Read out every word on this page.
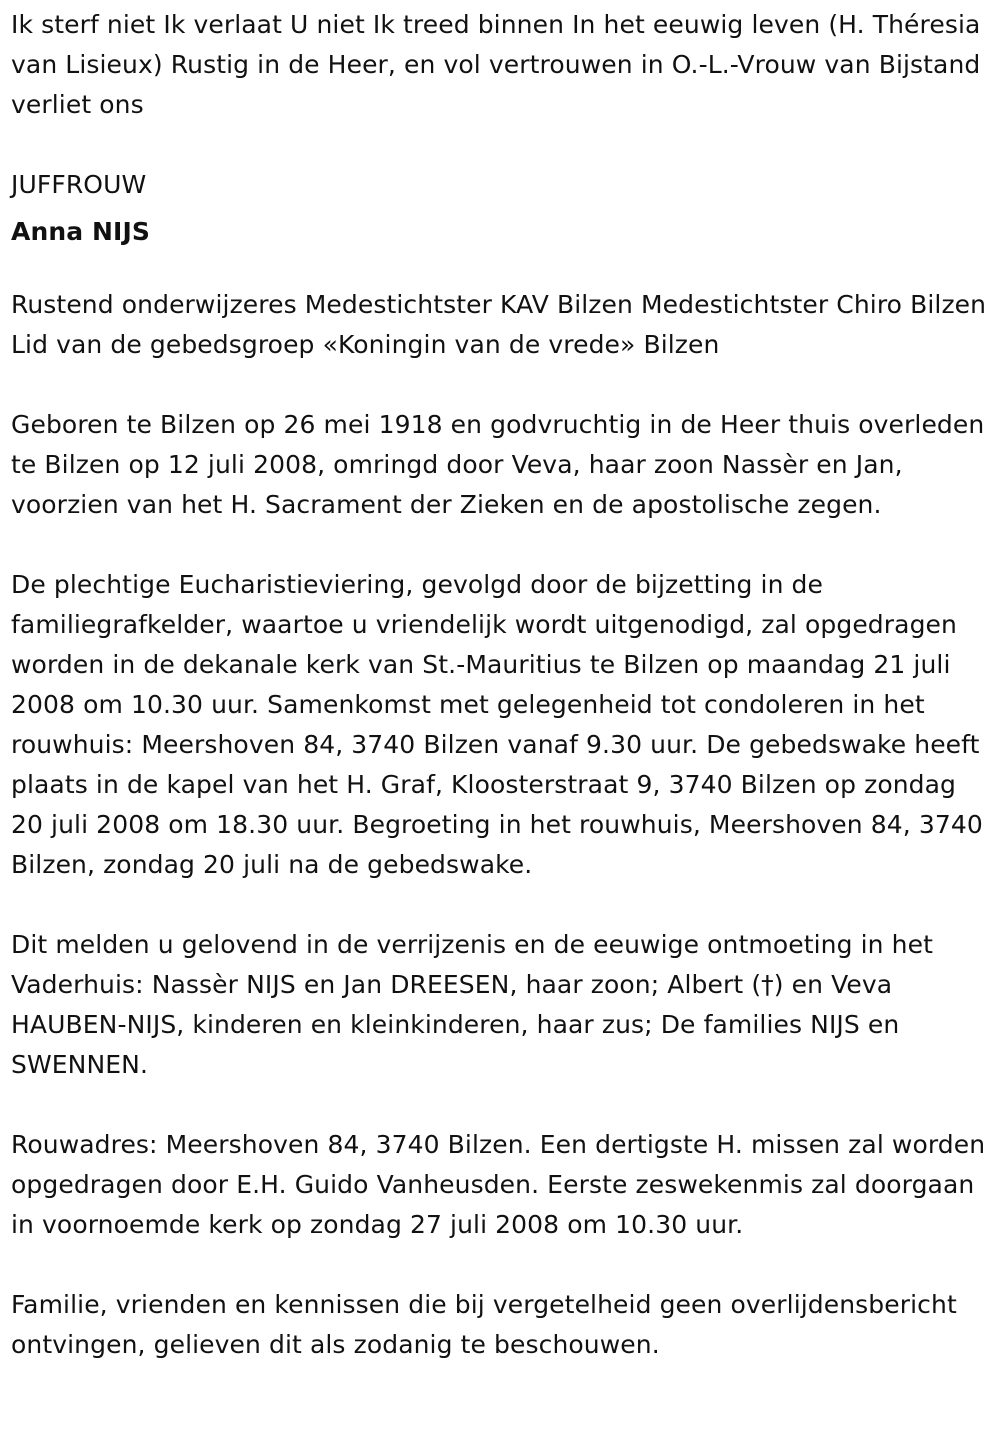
Ik sterf niet Ik verlaat U niet Ik treed binnen In het eeuwig leven (H. Théresia van Lisieux) Rustig in de Heer, en vol vertrouwen in O.-L.-Vrouw van Bijstand verliet ons

JUFFROUW

Anna NIJS

Rustend onderwijzeres Medestichtster KAV Bilzen Medestichtster Chiro Bilzen Lid van de gebedsgroep «Koningin van de vrede» Bilzen

Geboren te Bilzen op 26 mei 1918 en godvruchtig in de Heer thuis overleden te Bilzen op 12 juli 2008, omringd door Veva, haar zoon Nassèr en Jan, voorzien van het H. Sacrament der Zieken en de apostolische zegen.

De plechtige Eucharistieviering, gevolgd door de bijzetting in de familiegrafkelder, waartoe u vriendelijk wordt uitgenodigd, zal opgedragen worden in de dekanale kerk van St.-Mauritius te Bilzen op maandag 21 juli 2008 om 10.30 uur. Samenkomst met gelegenheid tot condoleren in het rouwhuis: Meershoven 84, 3740 Bilzen vanaf 9.30 uur. De gebedswake heeft plaats in de kapel van het H. Graf, Kloosterstraat 9, 3740 Bilzen op zondag 20 juli 2008 om 18.30 uur. Begroeting in het rouwhuis, Meershoven 84, 3740 Bilzen, zondag 20 juli na de gebedswake.

Dit melden u gelovend in de verrijzenis en de eeuwige ontmoeting in het Vaderhuis: Nassèr NIJS en Jan DREESEN, haar zoon; Albert (†) en Veva HAUBEN-NIJS, kinderen en kleinkinderen, haar zus; De families NIJS en SWENNEN.

Rouwadres: Meershoven 84, 3740 Bilzen. Een dertigste H. missen zal worden opgedragen door E.H. Guido Vanheusden. Eerste zeswekenmis zal doorgaan in voornoemde kerk op zondag 27 juli 2008 om 10.30 uur.

Familie, vrienden en kennissen die bij vergetelheid geen overlijdensbericht ontvingen, gelieven dit als zodanig te beschouwen.
